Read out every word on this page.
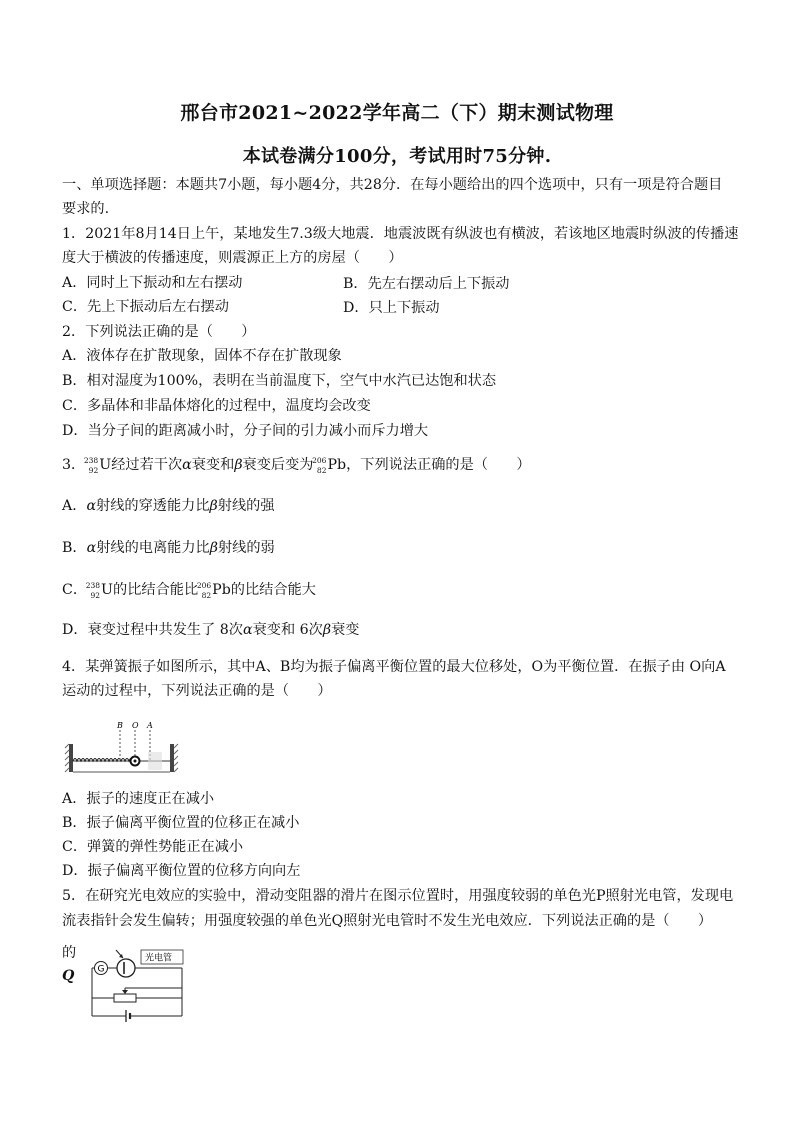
邢台市2021~2022学年高二（下）期末测试物理
本试卷满分100分，考试用时75分钟.
一、单项选择题：本题共7小题，每小题4分，共28分．在每小题给出的四个选项中，只有一项是符合题目
要求的.
1．2021年8月14日上午，某地发生7.3级大地震．地震波既有纵波也有横波，若该地区地震时纵波的传播速
度大于横波的传播速度，则震源正上方的房屋（　　）
A．同时上下振动和左右摆动	B．先左右摆动后上下振动
C．先上下振动后左右摆动	D．只上下振动
2．下列说法正确的是（　　）
A．液体存在扩散现象，固体不存在扩散现象
B．相对湿度为100%，表明在当前温度下，空气中水汽已达饱和状态
C．多晶体和非晶体熔化的过程中，温度均会改变
D．当分子间的距离减小时，分子间的引力减小而斥力增大
3．
238
92 U经过若干次α衰变和β衰变后变为
206
82 Pb，下列说法正确的是（　　）
A．α射线的穿透能力比β射线的强
B．α射线的电离能力比β射线的弱
C．
238
92 U的比结合能比
206
82 Pb的比结合能大
D．衰变过程中共发生了 8次α衰变和 6次β衰变
4．某弹簧振子如图所示，其中A、B均为振子偏离平衡位置的最大位移处，O为平衡位置．在振子由 O向A
运动的过程中，下列说法正确的是（　　）
B O A
A．振子的速度正在减小
B．振子偏离平衡位置的位移正在减小
C．弹簧的弹性势能正在减小
D．振子偏离平衡位置的位移方向向左
5．在研究光电效应的实验中，滑动变阻器的滑片在图示位置时，用强度较弱的单色光P照射光电管，发现电
流表指针会发生偏转；用强度较强的单色光Q照射光电管时不发生光电效应．下列说法正确的是（　　）
的
Q	G
光电管
